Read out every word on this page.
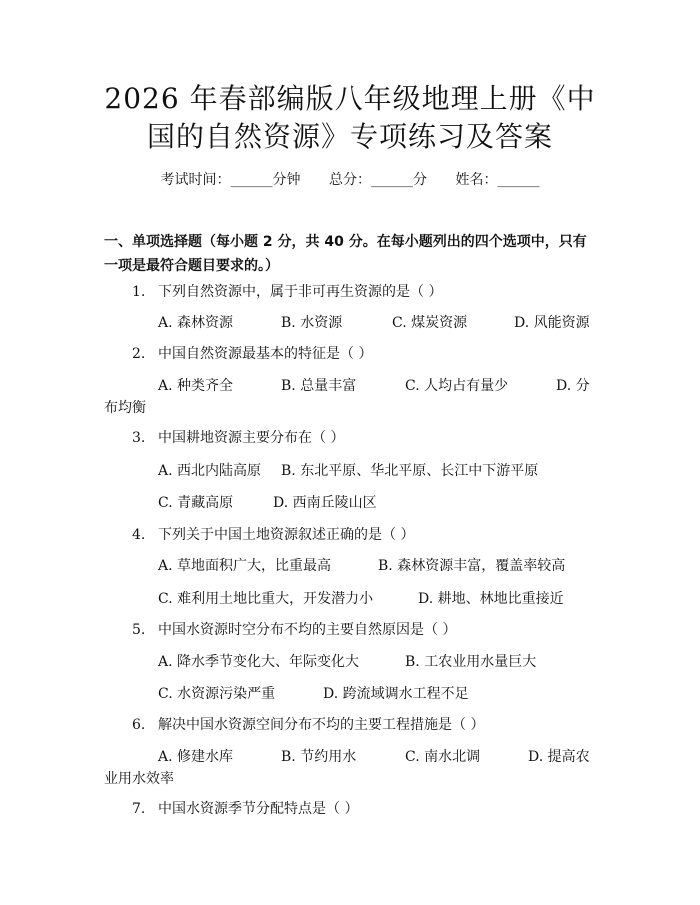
2026 年春部编版八年级地理上册《中国的自然资源》专项练习及答案
考试时间：______分钟 总分：______分 姓名：______
一、单项选择题（每小题 2 分，共 40 分。在每小题列出的四个选项中，只有一项是最符合题目要求的。）
1. 下列自然资源中，属于非可再生资源的是（ ）
A. 森林资源	B. 水资源	C. 煤炭资源	D. 风能资源
2. 中国自然资源最基本的特征是（ ）
A. 种类齐全	B. 总量丰富	C. 人均占有量少	D. 分
布均衡
3. 中国耕地资源主要分布在（ ）
A. 西北内陆高原 B. 东北平原、华北平原、长江中下游平原
C. 青藏高原	D. 西南丘陵山区
4. 下列关于中国土地资源叙述正确的是（ ）
A. 草地面积广大，比重最高	B. 森林资源丰富，覆盖率较高
C. 难利用土地比重大，开发潜力小	D. 耕地、林地比重接近
5. 中国水资源时空分布不均的主要自然原因是（ ）
A. 降水季节变化大、年际变化大	B. 工农业用水量巨大
C. 水资源污染严重	D. 跨流域调水工程不足
6. 解决中国水资源空间分布不均的主要工程措施是（ ）
A. 修建水库	B. 节约用水	C. 南水北调	D. 提高农
业用水效率
7. 中国水资源季节分配特点是（ ）
